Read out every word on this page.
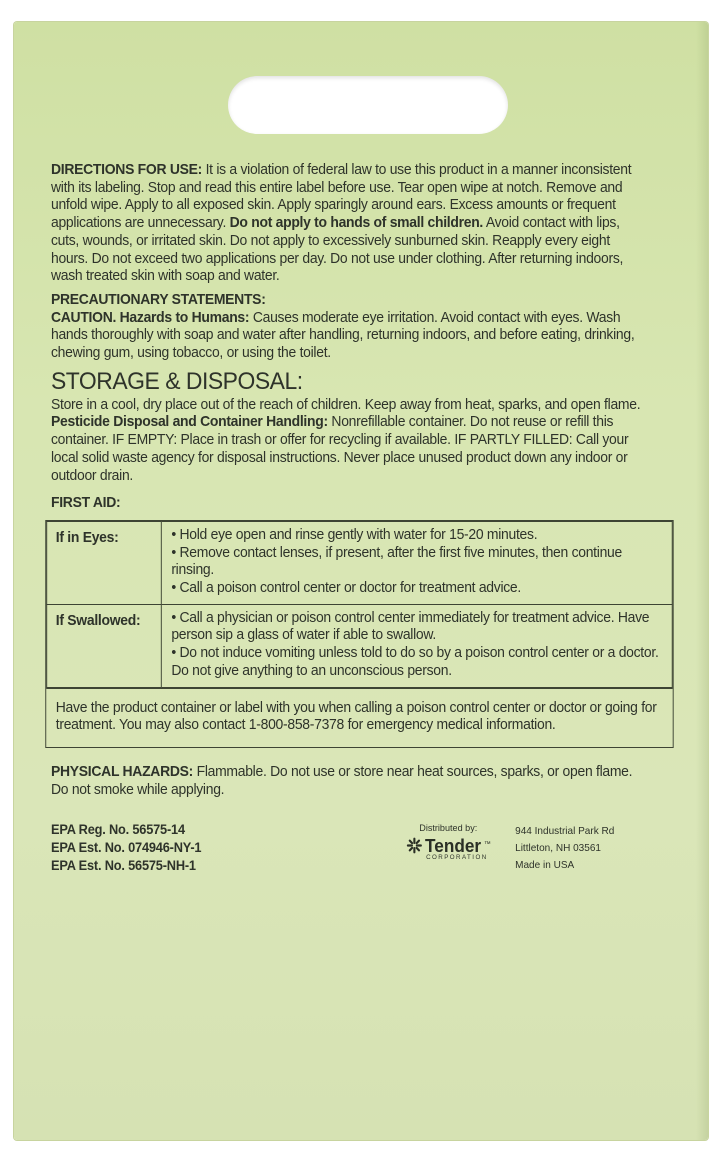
DIRECTIONS FOR USE: It is a violation of federal law to use this product in a manner inconsistent with its labeling. Stop and read this entire label before use. Tear open wipe at notch. Remove and unfold wipe. Apply to all exposed skin. Apply sparingly around ears. Excess amounts or frequent applications are unnecessary. Do not apply to hands of small children. Avoid contact with lips, cuts, wounds, or irritated skin. Do not apply to excessively sunburned skin. Reapply every eight hours. Do not exceed two applications per day. Do not use under clothing. After returning indoors, wash treated skin with soap and water.

PRECAUTIONARY STATEMENTS:

CAUTION. Hazards to Humans: Causes moderate eye irritation. Avoid contact with eyes. Wash hands thoroughly with soap and water after handling, returning indoors, and before eating, drinking, chewing gum, using tobacco, or using the toilet.

STORAGE & DISPOSAL:

Store in a cool, dry place out of the reach of children. Keep away from heat, sparks, and open flame. Pesticide Disposal and Container Handling: Nonrefillable container. Do not reuse or refill this container. IF EMPTY: Place in trash or offer for recycling if available. IF PARTLY FILLED: Call your local solid waste agency for disposal instructions. Never place unused product down any indoor or outdoor drain.

FIRST AID:

If in Eyes:	• Hold eye open and rinse gently with water for 15-20 minutes.

• Remove contact lenses, if present, after the first five minutes, then continue rinsing.

• Call a poison control center or doctor for treatment advice.

If Swallowed:	• Call a physician or poison control center immediately for treatment advice. Have person sip a glass of water if able to swallow.

• Do not induce vomiting unless told to do so by a poison control center or a doctor. Do not give anything to an unconscious person.

Have the product container or label with you when calling a poison control center or doctor or going for treatment. You may also contact 1-800-858-7378 for emergency medical information.

PHYSICAL HAZARDS: Flammable. Do not use or store near heat sources, sparks, or open flame. Do not smoke while applying.

EPA Reg. No. 56575-14
EPA Est. No. 074946-NY-1
EPA Est. No. 56575-NH-1
Distributed by:
Tender ™
CORPORATION
944 Industrial Park Rd
Littleton, NH 03561
Made in USA
